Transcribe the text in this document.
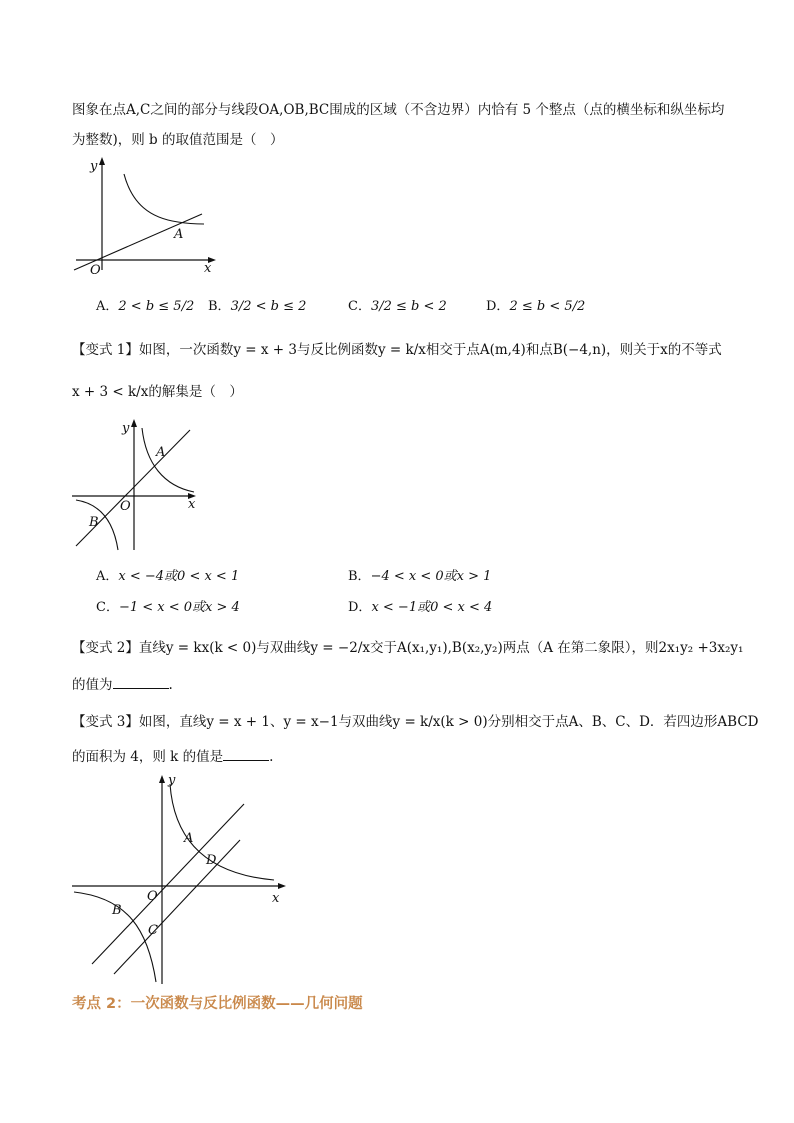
图象在点A,C之间的部分与线段OA,OB,BC围成的区域（不含边界）内恰有 5 个整点（点的横坐标和纵坐标均
为整数)，则 b 的取值范围是（　）
y
x
O
A
A．2 < b ≤ 5/2 B．3/2 < b ≤ 2	C．3/2 ≤ b < 2	D．2 ≤ b < 5/2
【变式 1】如图，一次函数y = x + 3与反比例函数y = k/x相交于点A(m,4)和点B(−4,n)，则关于x的不等式
x + 3 < k/x的解集是（　）
y
x
O
A
B
A．x < −4或0 < x < 1	B．−4 < x < 0或x > 1
C．−1 < x < 0或x > 4	D．x < −1或0 < x < 4
【变式 2】直线y = kx(k < 0)与双曲线y = −2/x交于A(x₁,y₁),B(x₂,y₂)两点（A 在第二象限），则2x₁y₂ +3x₂y₁
的值为	.
【变式 3】如图，直线y = x + 1、y = x−1与双曲线y = k/x(k > 0)分别相交于点A、B、C、D．若四边形ABCD
的面积为 4，则 k 的值是	.
y
x
O
A
D
B
C
考点 2：一次函数与反比例函数——几何问题
